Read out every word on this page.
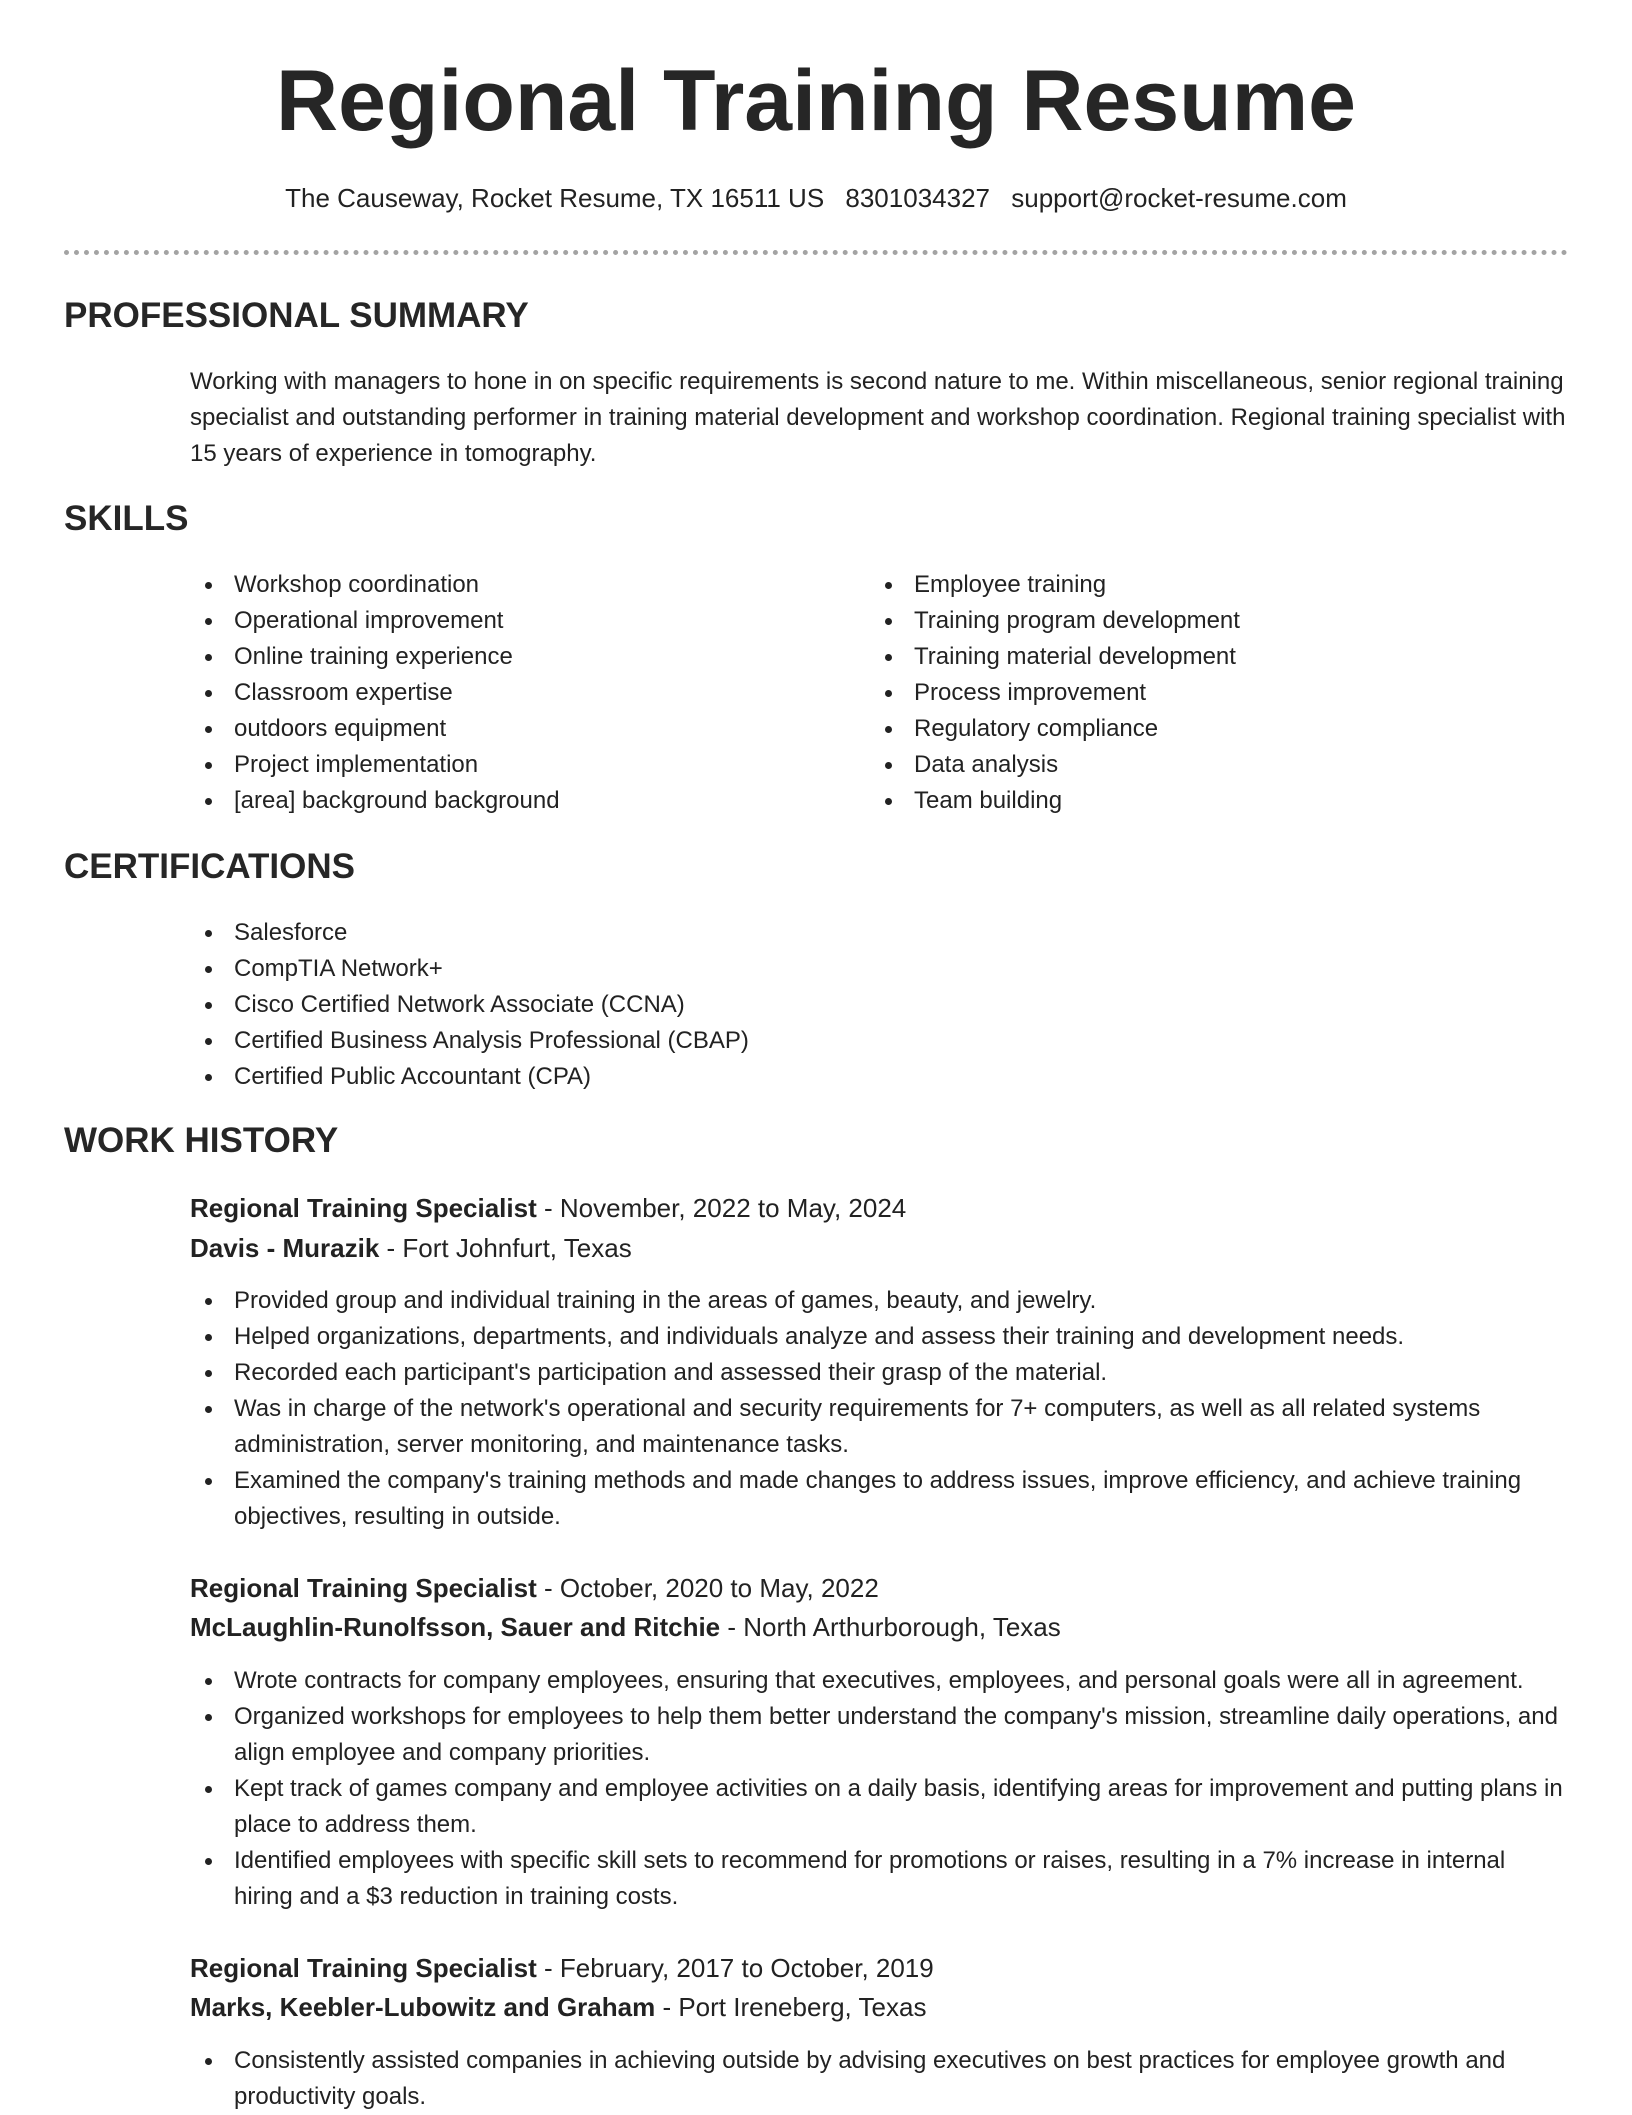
Regional Training Resume
The Causeway, Rocket Resume, TX 16511 US 8301034327 support@rocket-resume.com
PROFESSIONAL SUMMARY
Working with managers to hone in on specific requirements is second nature to me. Within miscellaneous, senior regional training specialist and outstanding performer in training material development and workshop coordination. Regional training specialist with 15 years of experience in tomography.
SKILLS
Workshop coordination
Operational improvement
Online training experience
Classroom expertise
outdoors equipment
Project implementation
[area] background background
Employee training
Training program development
Training material development
Process improvement
Regulatory compliance
Data analysis
Team building
CERTIFICATIONS
Salesforce
CompTIA Network+
Cisco Certified Network Associate (CCNA)
Certified Business Analysis Professional (CBAP)
Certified Public Accountant (CPA)
WORK HISTORY
Regional Training Specialist - November, 2022 to May, 2024
Davis - Murazik - Fort Johnfurt, Texas
Provided group and individual training in the areas of games, beauty, and jewelry.
Helped organizations, departments, and individuals analyze and assess their training and development needs.
Recorded each participant's participation and assessed their grasp of the material.
Was in charge of the network's operational and security requirements for 7+ computers, as well as all related systems administration, server monitoring, and maintenance tasks.
Examined the company's training methods and made changes to address issues, improve efficiency, and achieve training objectives, resulting in outside.
Regional Training Specialist - October, 2020 to May, 2022
McLaughlin-Runolfsson, Sauer and Ritchie - North Arthurborough, Texas
Wrote contracts for company employees, ensuring that executives, employees, and personal goals were all in agreement.
Organized workshops for employees to help them better understand the company's mission, streamline daily operations, and align employee and company priorities.
Kept track of games company and employee activities on a daily basis, identifying areas for improvement and putting plans in place to address them.
Identified employees with specific skill sets to recommend for promotions or raises, resulting in a 7% increase in internal hiring and a $3 reduction in training costs.
Regional Training Specialist - February, 2017 to October, 2019
Marks, Keebler-Lubowitz and Graham - Port Ireneberg, Texas
Consistently assisted companies in achieving outside by advising executives on best practices for employee growth and productivity goals.
